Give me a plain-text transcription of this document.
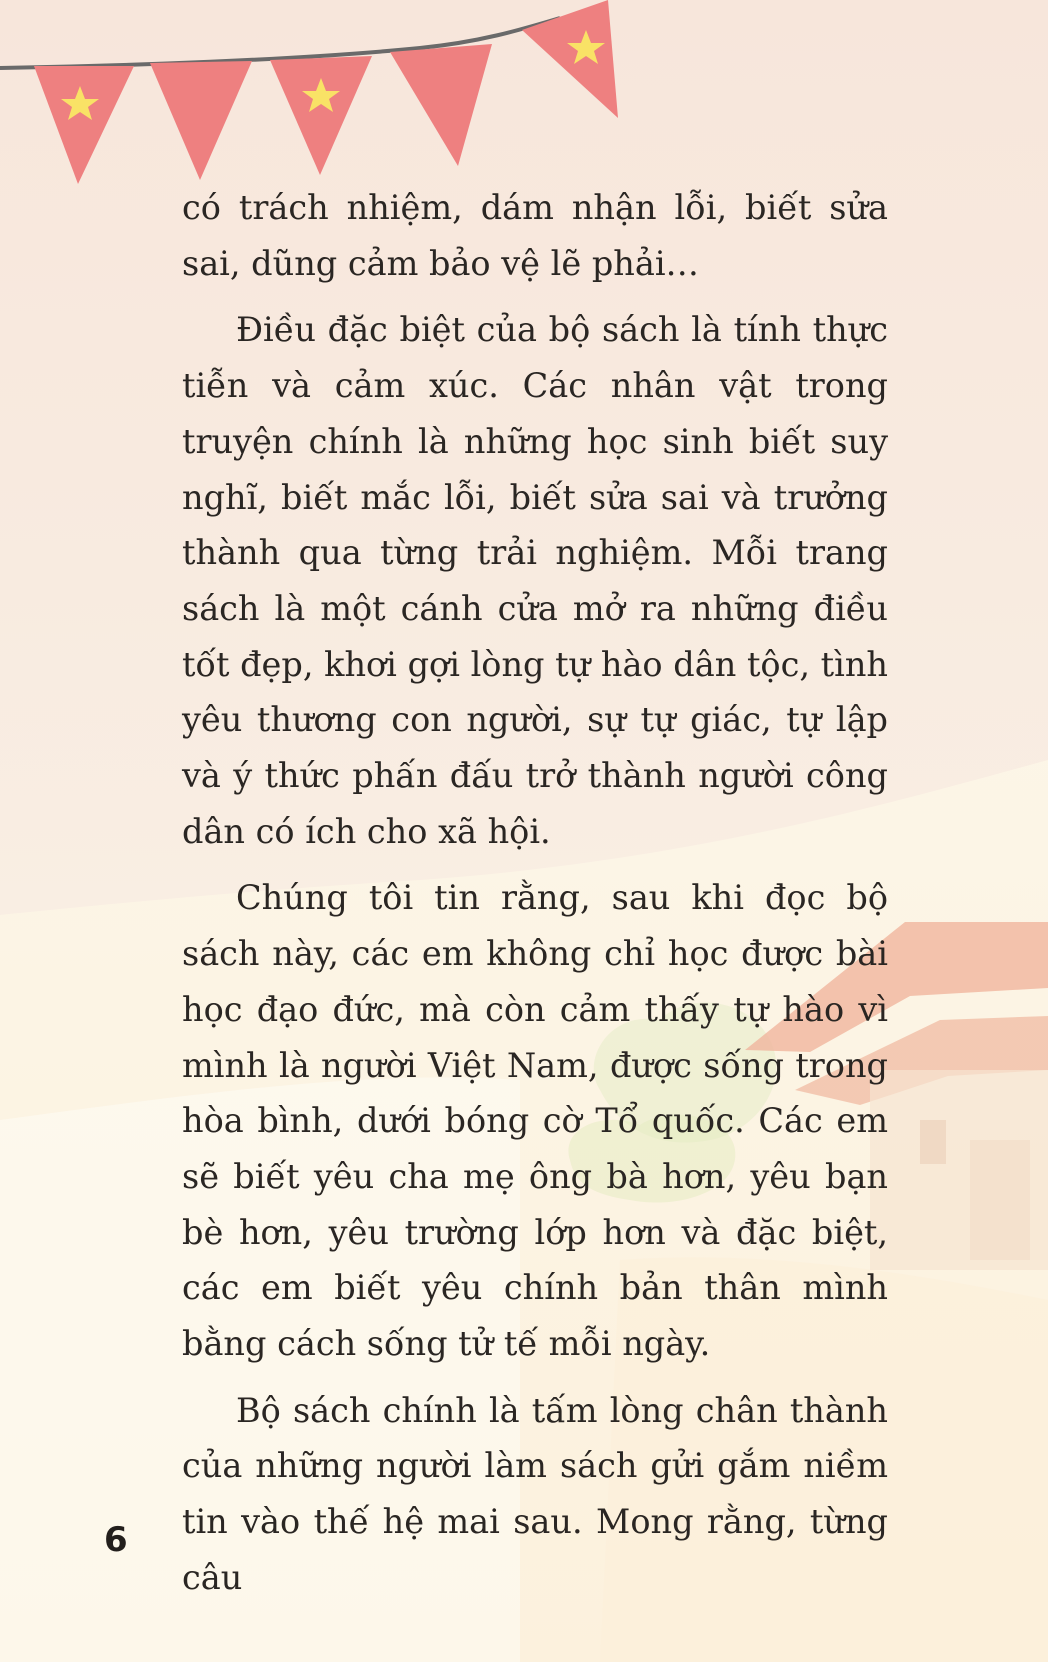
có trách nhiệm, dám nhận lỗi, biết sửa sai, dũng cảm bảo vệ lẽ phải…

Điều đặc biệt của bộ sách là tính thực tiễn và cảm xúc. Các nhân vật trong truyện chính là những học sinh biết suy nghĩ, biết mắc lỗi, biết sửa sai và trưởng thành qua từng trải nghiệm. Mỗi trang sách là một cánh cửa mở ra những điều tốt đẹp, khơi gợi lòng tự hào dân tộc, tình yêu thương con người, sự tự giác, tự lập và ý thức phấn đấu trở thành người công dân có ích cho xã hội.

Chúng tôi tin rằng, sau khi đọc bộ sách này, các em không chỉ học được bài học đạo đức, mà còn cảm thấy tự hào vì mình là người Việt Nam, được sống trong hòa bình, dưới bóng cờ Tổ quốc. Các em sẽ biết yêu cha mẹ ông bà hơn, yêu bạn bè hơn, yêu trường lớp hơn và đặc biệt, các em biết yêu chính bản thân mình bằng cách sống tử tế mỗi ngày.

Bộ sách chính là tấm lòng chân thành của những người làm sách gửi gắm niềm tin vào thế hệ mai sau. Mong rằng, từng câu

6
